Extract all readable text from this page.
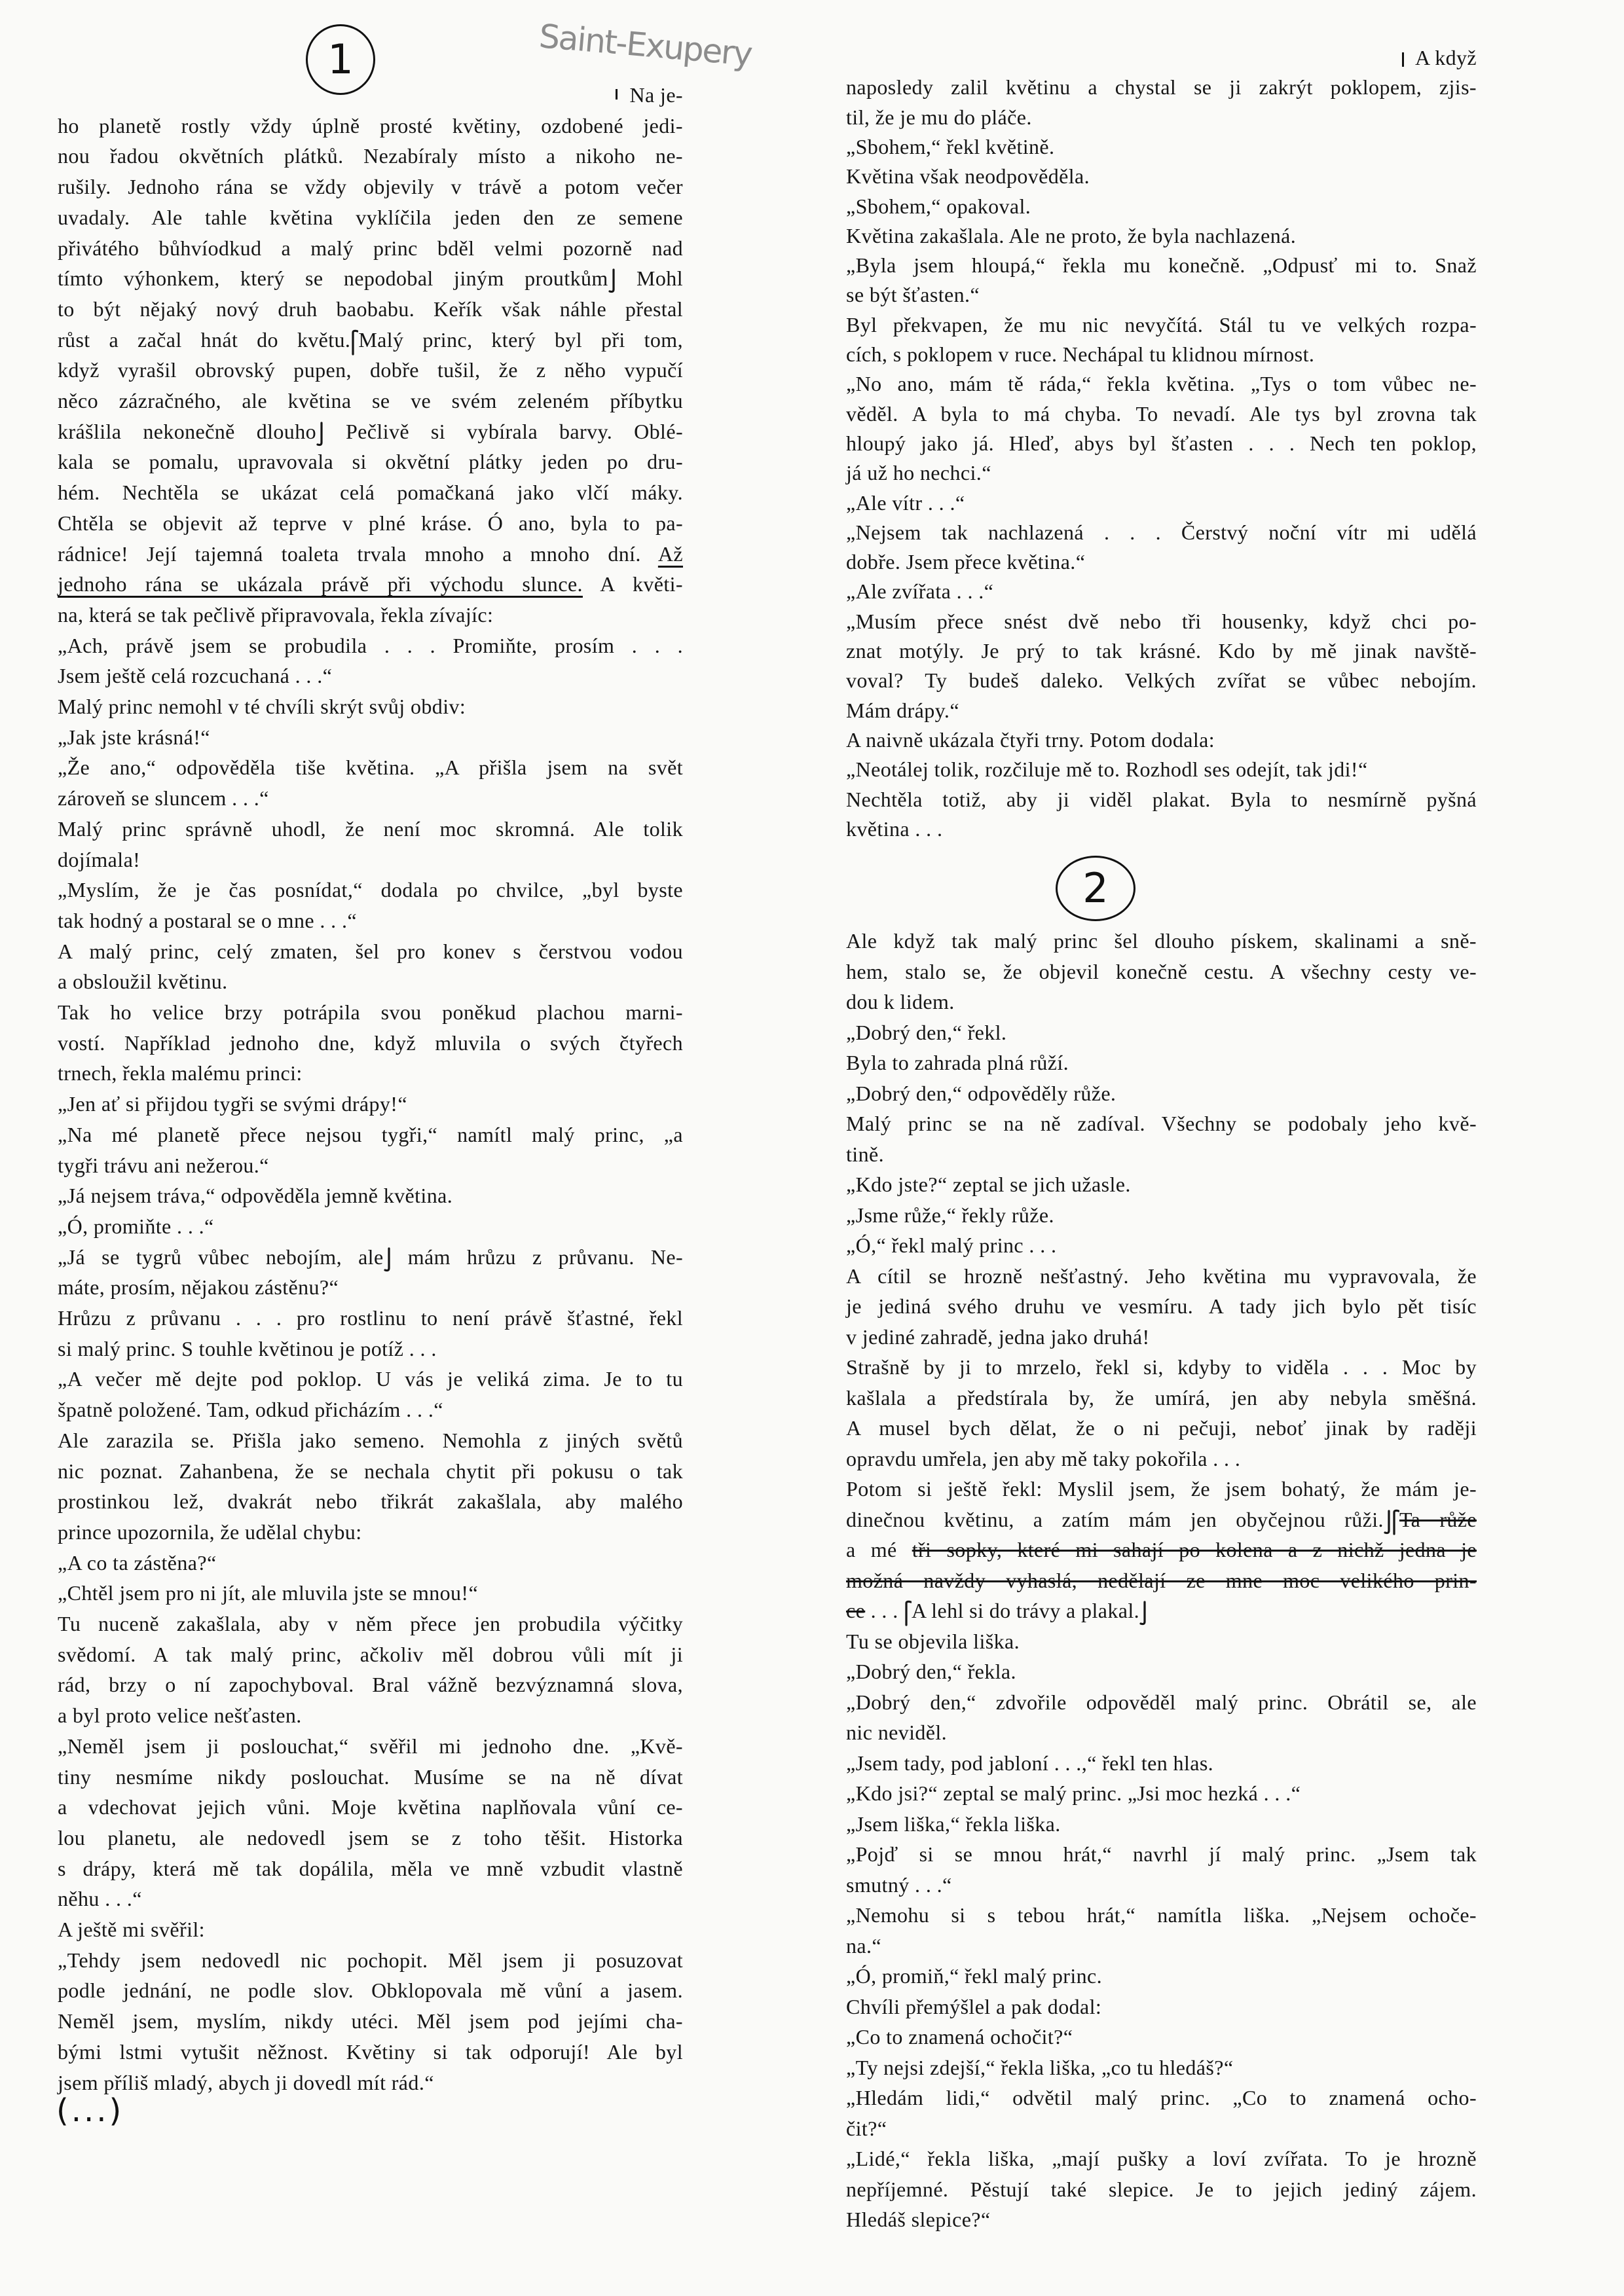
Saint-Exupery
1
2
Na je-
ho planetě rostly vždy úplně prosté květiny, ozdobené jedi-
nou řadou okvětních plátků. Nezabíraly místo a nikoho ne-
rušily. Jednoho rána se vždy objevily v trávě a potom večer
uvadaly. Ale tahle květina vyklíčila jeden den ze semene
přivátého bůhvíodkud a malý princ bděl velmi pozorně nad
tímto výhonkem, který se nepodobal jiným proutkům
Mohl
to být nějaký nový druh baobabu. Keřík však náhle přestal
růst a začal hnát do květu. Malý princ, který byl při tom,
když vyrašil obrovský pupen, dobře tušil, že z něho vypučí
něco zázračného, ale květina se ve svém zeleném příbytku
krášlila nekonečně dlouho
Pečlivě si vybírala barvy. Oblé-
kala se pomalu, upravovala si okvětní plátky jeden po dru-
hém. Nechtěla se ukázat celá pomačkaná jako vlčí máky.
Chtěla se objevit až teprve v plné kráse. Ó ano, byla to pa-
rádnice! Její tajemná toaleta trvala mnoho a mnoho dní. Až
jednoho rána se ukázala právě při východu slunce. A květi-
na, která se tak pečlivě připravovala, řekla zívajíc:
„Ach, právě jsem se probudila . . . Promiňte, prosím . . .
Jsem ještě celá rozcuchaná . . .“
Malý princ nemohl v té chvíli skrýt svůj obdiv:
„Jak jste krásná!“
„Že ano,“ odpověděla tiše květina. „A přišla jsem na svět
zároveň se sluncem . . .“
Malý princ správně uhodl, že není moc skromná. Ale tolik
dojímala!
„Myslím, že je čas posnídat,“ dodala po chvilce, „byl byste
tak hodný a postaral se o mne . . .“
A malý princ, celý zmaten, šel pro konev s čerstvou vodou
a obsloužil květinu.
Tak ho velice brzy potrápila svou poněkud plachou marni-
vostí. Například jednoho dne, když mluvila o svých čtyřech
trnech, řekla malému princi:
„Jen ať si přijdou tygři se svými drápy!“
„Na mé planetě přece nejsou tygři,“ namítl malý princ, „a
tygři trávu ani nežerou.“
„Já nejsem tráva,“ odpověděla jemně květina.
„Ó, promiňte . . .“
„Já se tygrů vůbec nebojím, ale
mám hrůzu z průvanu. Ne-
máte, prosím, nějakou zástěnu?“
Hrůzu z průvanu . . . pro rostlinu to není právě šťastné, řekl
si malý princ. S touhle květinou je potíž . . .
„A večer mě dejte pod poklop. U vás je veliká zima. Je to tu
špatně položené. Tam, odkud přicházím . . .“
Ale zarazila se. Přišla jako semeno. Nemohla z jiných světů
nic poznat. Zahanbena, že se nechala chytit při pokusu o tak
prostinkou lež, dvakrát nebo třikrát zakašlala, aby malého
prince upozornila, že udělal chybu:
„A co ta zástěna?“
„Chtěl jsem pro ni jít, ale mluvila jste se mnou!“
Tu nuceně zakašlala, aby v něm přece jen probudila výčitky
svědomí. A tak malý princ, ačkoliv měl dobrou vůli mít ji
rád, brzy o ní zapochyboval. Bral vážně bezvýznamná slova,
a byl proto velice nešťasten.
„Neměl jsem ji poslouchat,“ svěřil mi jednoho dne. „Kvě-
tiny nesmíme nikdy poslouchat. Musíme se na ně dívat
a vdechovat jejich vůni. Moje květina naplňovala vůní ce-
lou planetu, ale nedovedl jsem se z toho těšit. Historka
s drápy, která mě tak dopálila, měla ve mně vzbudit vlastně
něhu . . .“
A ještě mi svěřil:
„Tehdy jsem nedovedl nic pochopit. Měl jsem ji posuzovat
podle jednání, ne podle slov. Obklopovala mě vůní a jasem.
Neměl jsem, myslím, nikdy utéci. Měl jsem pod jejími cha-
bými lstmi vytušit něžnost. Květiny si tak odporují! Ale byl
jsem příliš mladý, abych ji dovedl mít rád.“
A když
naposledy zalil květinu a chystal se ji zakrýt poklopem, zjis-
til, že je mu do pláče.
„Sbohem,“ řekl květině.
Květina však neodpověděla.
„Sbohem,“ opakoval.
Květina zakašlala. Ale ne proto, že byla nachlazená.
„Byla jsem hloupá,“ řekla mu konečně. „Odpusť mi to. Snaž
se být šťasten.“
Byl překvapen, že mu nic nevyčítá. Stál tu ve velkých rozpa-
cích, s poklopem v ruce. Nechápal tu klidnou mírnost.
„No ano, mám tě ráda,“ řekla květina. „Tys o tom vůbec ne-
věděl. A byla to má chyba. To nevadí. Ale tys byl zrovna tak
hloupý jako já. Hleď, abys byl šťasten . . . Nech ten poklop,
já už ho nechci.“
„Ale vítr . . .“
„Nejsem tak nachlazená . . . Čerstvý noční vítr mi udělá
dobře. Jsem přece květina.“
„Ale zvířata . . .“
„Musím přece snést dvě nebo tři housenky, když chci po-
znat motýly. Je prý to tak krásné. Kdo by mě jinak navště-
voval? Ty budeš daleko. Velkých zvířat se vůbec nebojím.
Mám drápy.“
A naivně ukázala čtyři trny. Potom dodala:
„Neotálej tolik, rozčiluje mě to. Rozhodl ses odejít, tak jdi!“
Nechtěla totiž, aby ji viděl plakat. Byla to nesmírně pyšná
květina . . .
Ale když tak malý princ šel dlouho pískem, skalinami a sně-
hem, stalo se, že objevil konečně cestu. A všechny cesty ve-
dou k lidem.
„Dobrý den,“ řekl.
Byla to zahrada plná růží.
„Dobrý den,“ odpověděly růže.
Malý princ se na ně zadíval. Všechny se podobaly jeho kvě-
tině.
„Kdo jste?“ zeptal se jich užasle.
„Jsme růže,“ řekly růže.
„Ó,“ řekl malý princ . . .
A cítil se hrozně nešťastný. Jeho květina mu vypravovala, že
je jediná svého druhu ve vesmíru. A tady jich bylo pět tisíc
v jediné zahradě, jedna jako druhá!
Strašně by ji to mrzelo, řekl si, kdyby to viděla . . . Moc by
kašlala a předstírala by, že umírá, jen aby nebyla směšná.
A musel bych dělat, že o ni pečuji, neboť jinak by raději
opravdu umřela, jen aby mě taky pokořila . . .
Potom si ještě řekl: Myslil jsem, že jsem bohatý, že mám je-
dinečnou květinu, a zatím mám jen obyčejnou růži. Ta růže
a mé tři sopky, které mi sahají po kolena a z nichž jedna je
možná navždy vyhaslá, nedělají ze mne moc velikého prin-
ce . . .
A lehl si do trávy a plakal.
Tu se objevila liška.
„Dobrý den,“ řekla.
„Dobrý den,“ zdvořile odpověděl malý princ. Obrátil se, ale
nic neviděl.
„Jsem tady, pod jabloní . . .,“ řekl ten hlas.
„Kdo jsi?“ zeptal se malý princ. „Jsi moc hezká . . .“
„Jsem liška,“ řekla liška.
„Pojď si se mnou hrát,“ navrhl jí malý princ. „Jsem tak
smutný . . .“
„Nemohu si s tebou hrát,“ namítla liška. „Nejsem ochoče-
na.“
„Ó, promiň,“ řekl malý princ.
Chvíli přemýšlel a pak dodal:
„Co to znamená ochočit?“
„Ty nejsi zdejší,“ řekla liška, „co tu hledáš?“
„Hledám lidi,“ odvětil malý princ. „Co to znamená ocho-
čit?“
„Lidé,“ řekla liška, „mají pušky a loví zvířata. To je hrozně
nepříjemné. Pěstují také slepice. Je to jejich jediný zájem.
Hledáš slepice?“
(...)
